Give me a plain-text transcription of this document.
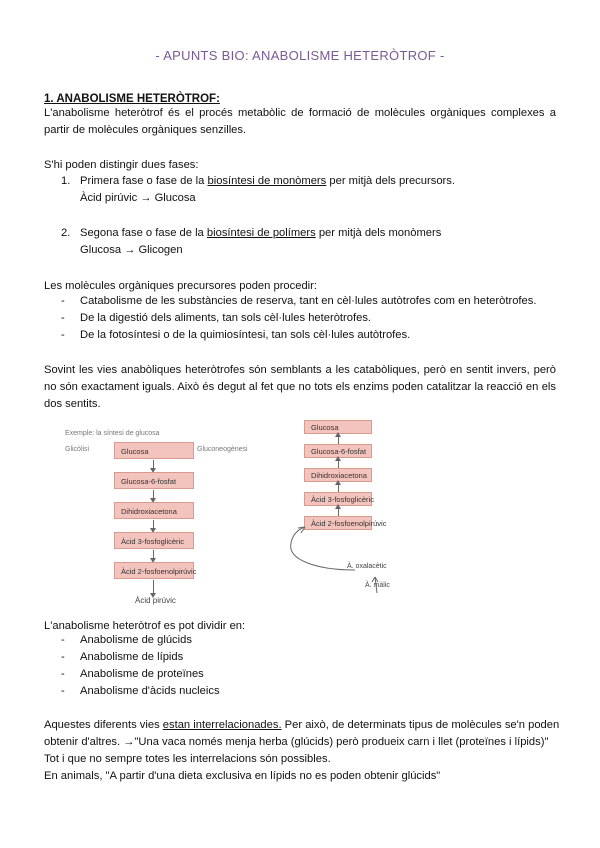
- APUNTS BIO: ANABOLISME HETERÒTROF -
1. ANABOLISME HETERÒTROF:
L'anabolisme heteròtrof és el procés metabòlic de formació de molècules orgàniques complexes a partir de molècules orgàniques senzilles.
S'hi poden distingir dues fases:
1. Primera fase o fase de la biosíntesi de monòmers per mitjà dels precursors.
Àcid pirúvic → Glucosa
2. Segona fase o fase de la biosíntesi de polímers per mitjà dels monòmers
Glucosa → Glicogen
Les molècules orgàniques precursores poden procedir:
- Catabolisme de les substàncies de reserva, tant en cèl·lules autòtrofes com en heteròtrofes.
- De la digestió dels aliments, tan sols cèl·lules heteròtrofes.
- De la fotosíntesi o de la quimiosíntesi, tan sols cèl·lules autòtrofes.
Sovint les vies anabòliques heteròtrofes són semblants a les catabòliques, però en sentit invers, però no són exactament iguals. Això és degut al fet que no tots els enzims poden catalitzar la reacció en els dos sentits.
Exemple: la síntesi de glucosa
Glicòlisi	Gluconeogènesi
Glucosa
Glucosa-6-fosfat
Dihidroxiacetona
Àcid 3-fosfoglicèric
Àcid 2-fosfoenolpirúvic
Àcid pirúvic
Glucosa
Glucosa-6-fosfat
Dihidroxiacetona
Àcid 3-fosfoglicèric
Àcid 2-fosfoenolpirúvic
À. oxalacètic
À. màlic
L'anabolisme heteròtrof es pot dividir en:
- Anabolisme de glúcids
- Anabolisme de lípids
- Anabolisme de proteïnes
- Anabolisme d'àcids nucleics
Aquestes diferents vies estan interrelacionades. Per això, de determinats tipus de molècules se'n poden
obtenir d'altres. →"Una vaca només menja herba (glúcids) però produeix carn i llet (proteïnes i lípids)"
Tot i que no sempre totes les interrelacions són possibles.
En animals, "A partir d'una dieta exclusiva en lípids no es poden obtenir glúcids"
